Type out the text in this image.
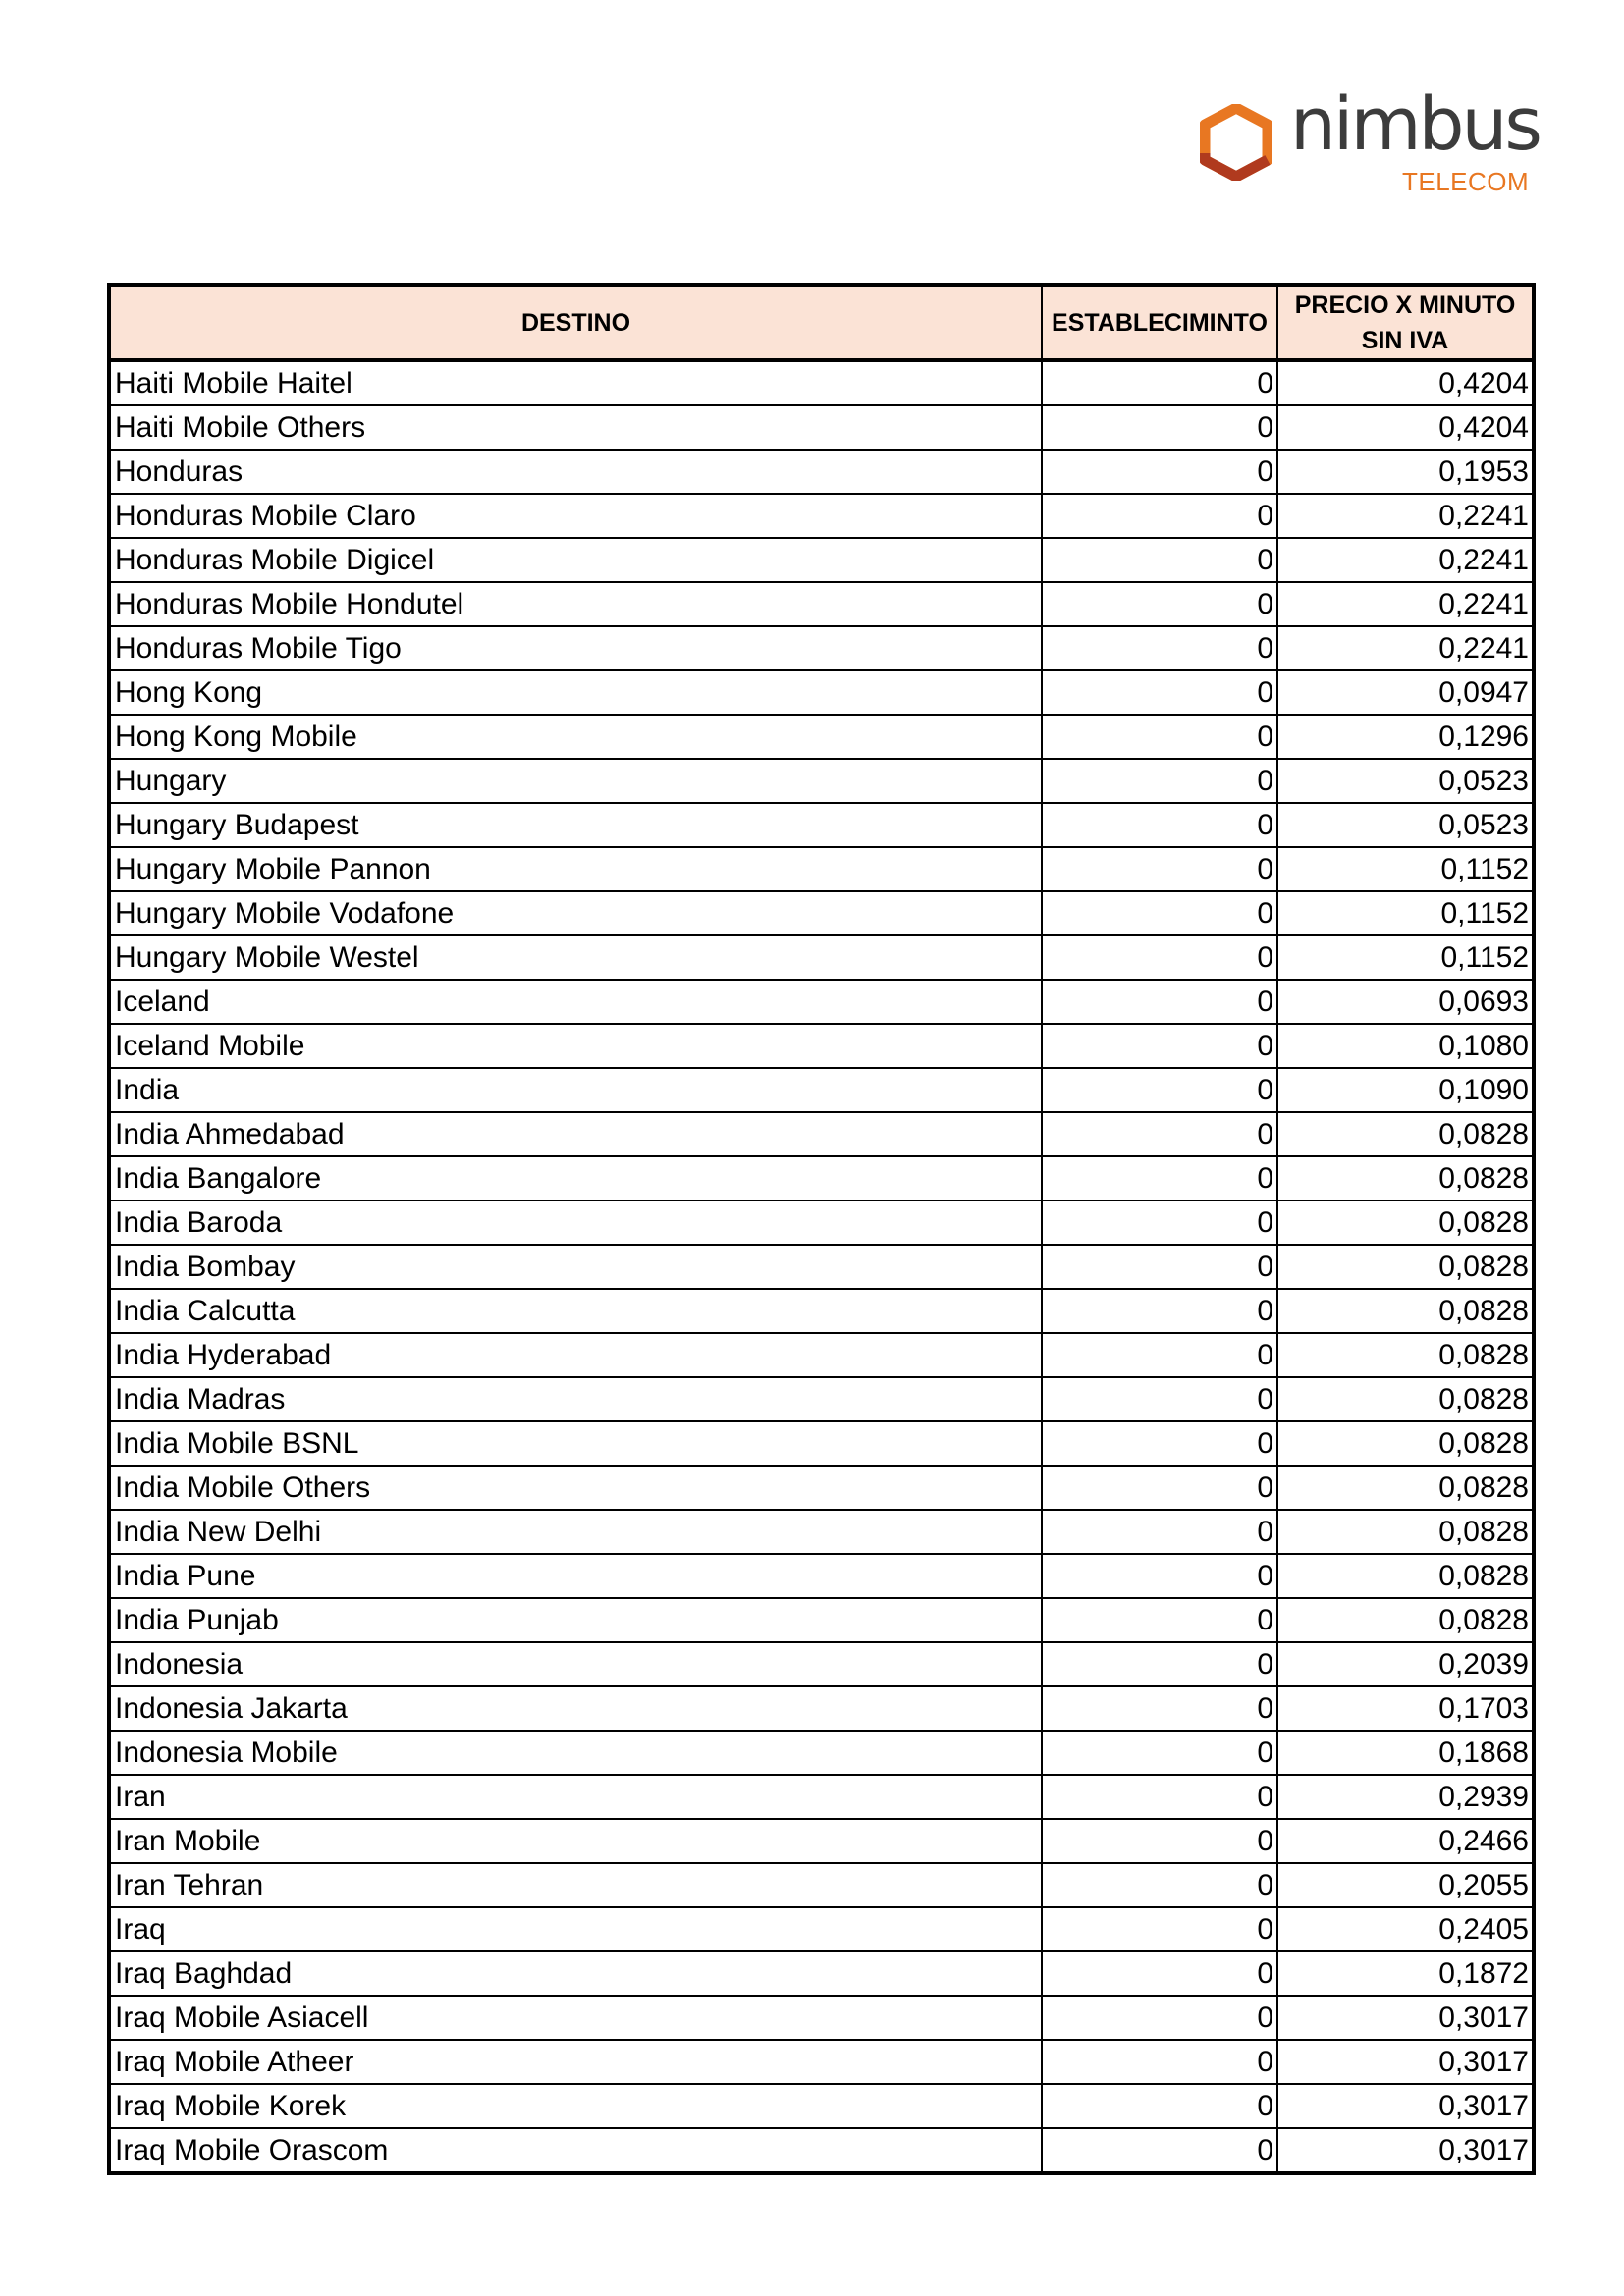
nimbus
TELECOM
DESTINO	ESTABLECIMINTO	PRECIO X MINUTO
SIN IVA
Haiti Mobile Haitel	0	0,4204
Haiti Mobile Others	0	0,4204
Honduras	0	0,1953
Honduras Mobile Claro	0	0,2241
Honduras Mobile Digicel	0	0,2241
Honduras Mobile Hondutel	0	0,2241
Honduras Mobile Tigo	0	0,2241
Hong Kong	0	0,0947
Hong Kong Mobile	0	0,1296
Hungary	0	0,0523
Hungary Budapest	0	0,0523
Hungary Mobile Pannon	0	0,1152
Hungary Mobile Vodafone	0	0,1152
Hungary Mobile Westel	0	0,1152
Iceland	0	0,0693
Iceland Mobile	0	0,1080
India	0	0,1090
India Ahmedabad	0	0,0828
India Bangalore	0	0,0828
India Baroda	0	0,0828
India Bombay	0	0,0828
India Calcutta	0	0,0828
India Hyderabad	0	0,0828
India Madras	0	0,0828
India Mobile BSNL	0	0,0828
India Mobile Others	0	0,0828
India New Delhi	0	0,0828
India Pune	0	0,0828
India Punjab	0	0,0828
Indonesia	0	0,2039
Indonesia Jakarta	0	0,1703
Indonesia Mobile	0	0,1868
Iran	0	0,2939
Iran Mobile	0	0,2466
Iran Tehran	0	0,2055
Iraq	0	0,2405
Iraq Baghdad	0	0,1872
Iraq Mobile Asiacell	0	0,3017
Iraq Mobile Atheer	0	0,3017
Iraq Mobile Korek	0	0,3017
Iraq Mobile Orascom	0	0,3017
